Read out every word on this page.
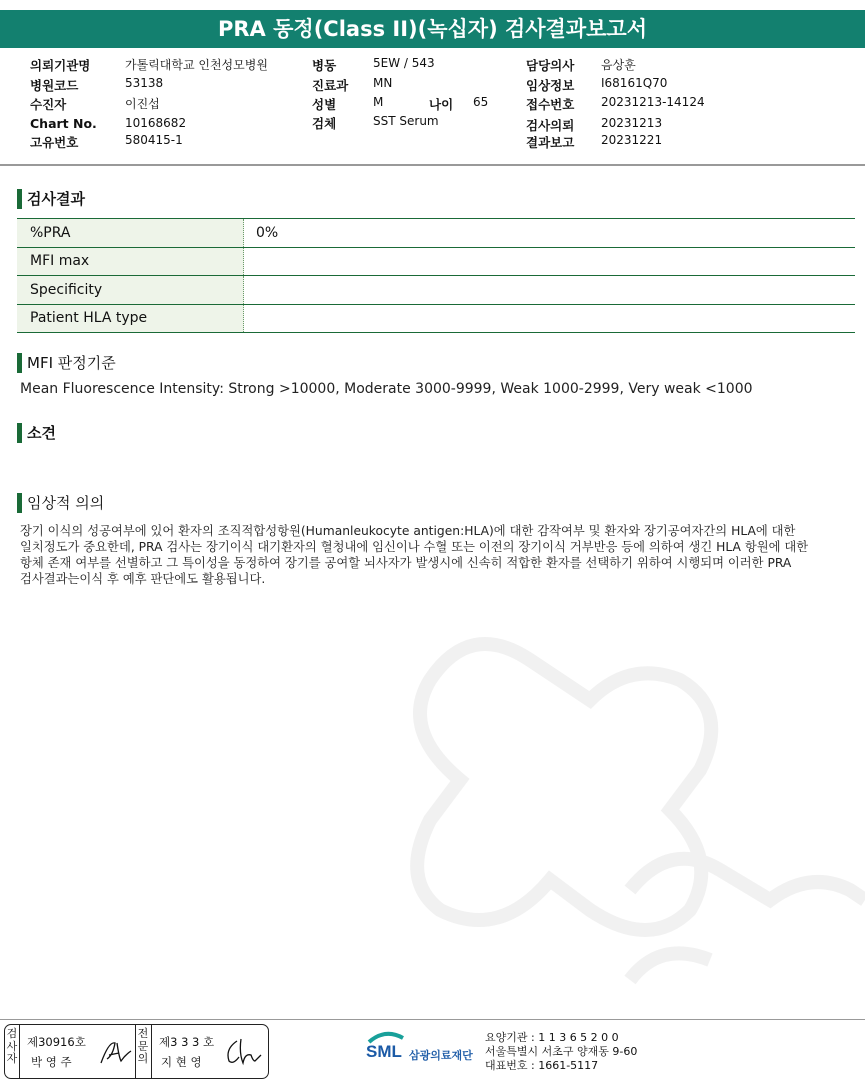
PRA 동정(Class II)(녹십자) 검사결과보고서
의뢰기관명	가톨릭대학교 인천성모병원
병원코드	53138
수진자	이진섭
Chart No. 10168682
고유번호	580415-1
병동	5EW / 543
진료과 MN
성별	M	나이 65
검체	SST Serum
담당의사 음상훈
임상정보 I68161Q70
접수번호 20231213-14124
검사의뢰 20231213
결과보고 20231221
검사결과
%PRA	0%
MFI max	
Specificity	
Patient HLA type	
MFI 판정기준
Mean Fluorescence Intensity: Strong >10000, Moderate 3000-9999, Weak 1000-2999, Very weak <1000
소견
임상적 의의
장기 이식의 성공여부에 있어 환자의 조직적합성항원(Humanleukocyte antigen:HLA)에 대한 감작여부 및 환자와 장기공여자간의 HLA에 대한
일치정도가 중요한데, PRA 검사는 장기이식 대기환자의 혈청내에 임신이나 수혈 또는 이전의 장기이식 거부반응 등에 의하여 생긴 HLA 항원에 대한
항체 존재 여부를 선별하고 그 특이성을 동정하여 장기를 공여할 뇌사자가 발생시에 신속히 적합한 환자를 선택하기 위하여 시행되며 이러한 PRA
검사결과는이식 후 예후 판단에도 활용됩니다.
검사자
제30916호
박 영 주
전문의
제3 3 3 호
지 현 영
SML 삼광의료재단
요양기관 : 1 1 3 6 5 2 0 0
서울특별시 서초구 양재동 9-60
대표번호 : 1661-5117
